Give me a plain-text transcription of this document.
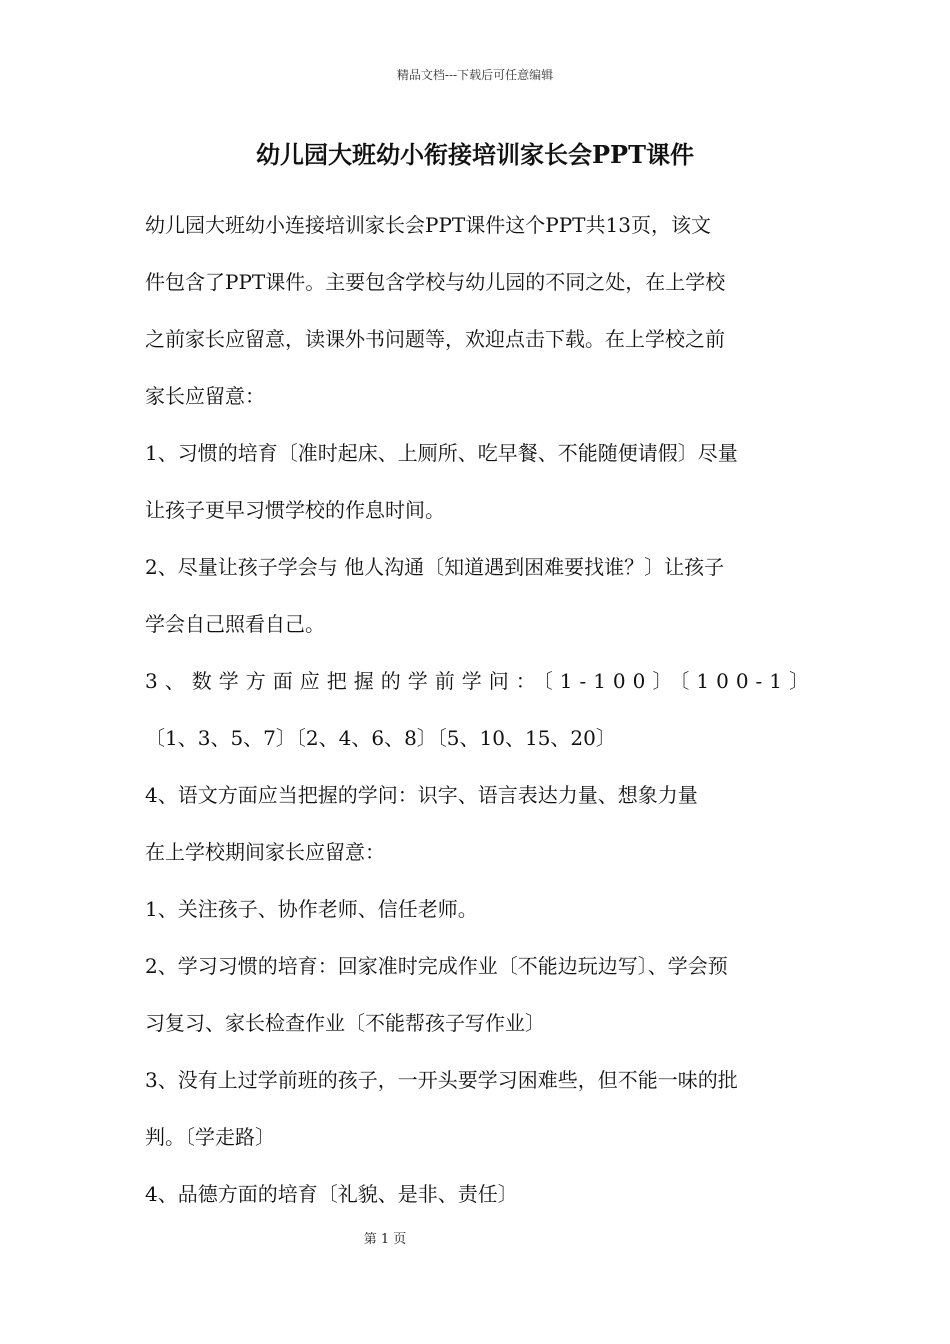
精品文档---下载后可任意编辑
幼儿园大班幼小衔接培训家长会PPT课件
幼儿园大班幼小连接培训家长会PPT课件这个PPT共13页，该文
件包含了PPT课件。主要包含学校与幼儿园的不同之处，在上学校
之前家长应留意，读课外书问题等，欢迎点击下载。在上学校之前
家长应留意：
1、习惯的培育〔准时起床、上厕所、吃早餐、不能随便请假〕尽量
让孩子更早习惯学校的作息时间。
2、尽量让孩子学会与 他人沟通〔知道遇到困难要找谁？〕让孩子
学会自己照看自己。
3、数学方面应把握的学前学问：〔1-100〕〔100-1〕
〔1、3、5、7〕〔2、4、6、8〕〔5、10、15、20〕
4、语文方面应当把握的学问：识字、语言表达力量、想象力量
在上学校期间家长应留意：
1、关注孩子、协作老师、信任老师。
2、学习习惯的培育：回家准时完成作业〔不能边玩边写〕、学会预
习复习、家长检查作业〔不能帮孩子写作业〕
3、没有上过学前班的孩子，一开头要学习困难些，但不能一味的批
判。〔学走路〕
4、品德方面的培育〔礼貌、是非、责任〕
第 1 页
